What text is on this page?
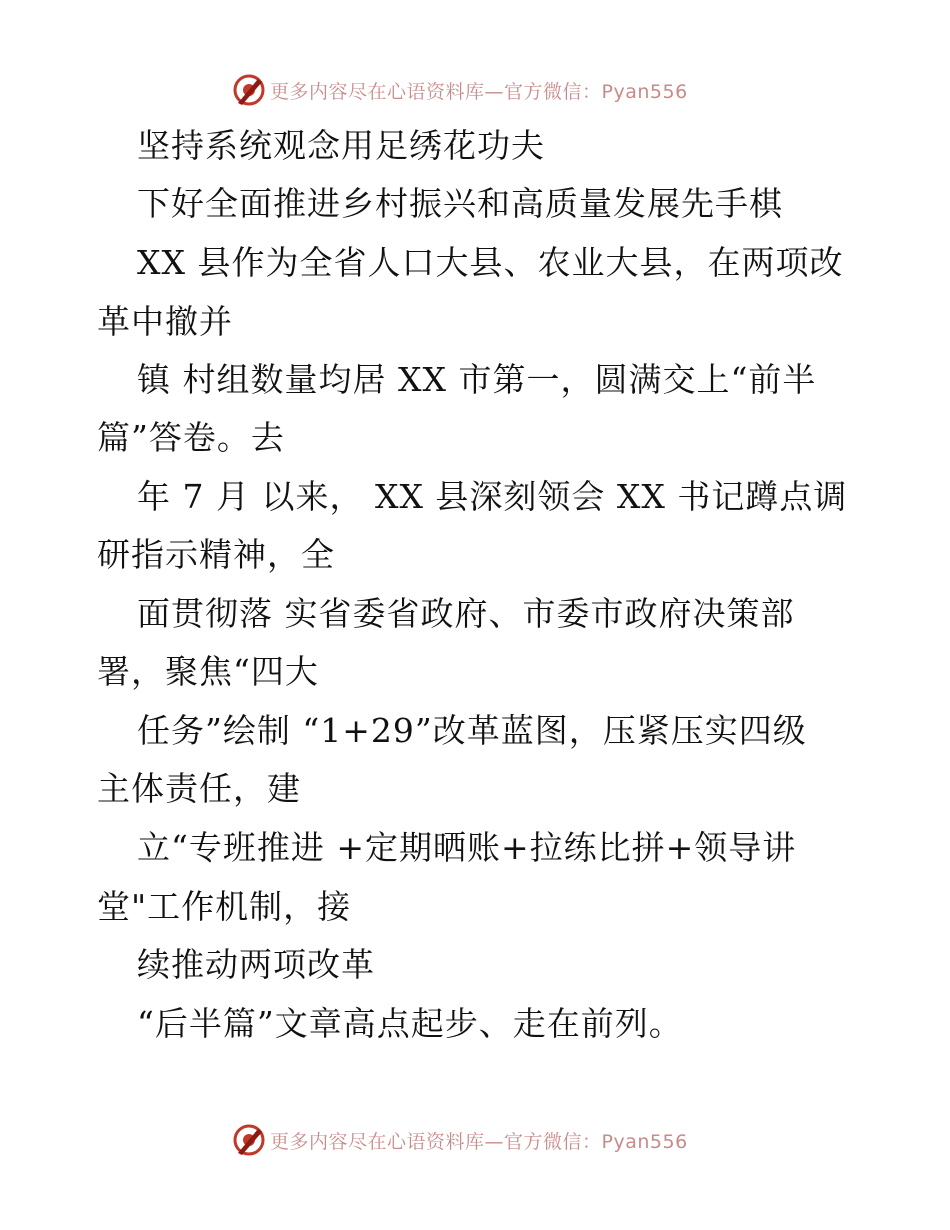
更多内容尽在心语资料库—官方微信：Pyan556
坚持系统观念用足绣花功夫
下好全面推进乡村振兴和高质量发展先手棋
XX 县作为全省人口大县、农业大县，在两项改
革中撤并
镇 村组数量均居 XX 市第一，圆满交上“前半
篇”答卷。去
年 7 月 以来， XX 县深刻领会 XX 书记蹲点调
研指示精神，全
面贯彻落 实省委省政府、市委市政府决策部
署，聚焦“四大
任务”绘制 “1+29”改革蓝图，压紧压实四级
主体责任，建
立“专班推进 +定期晒账+拉练比拼+领导讲
堂"工作机制，接
续推动两项改革
“后半篇”文章高点起步、走在前列。
更多内容尽在心语资料库—官方微信：Pyan556
